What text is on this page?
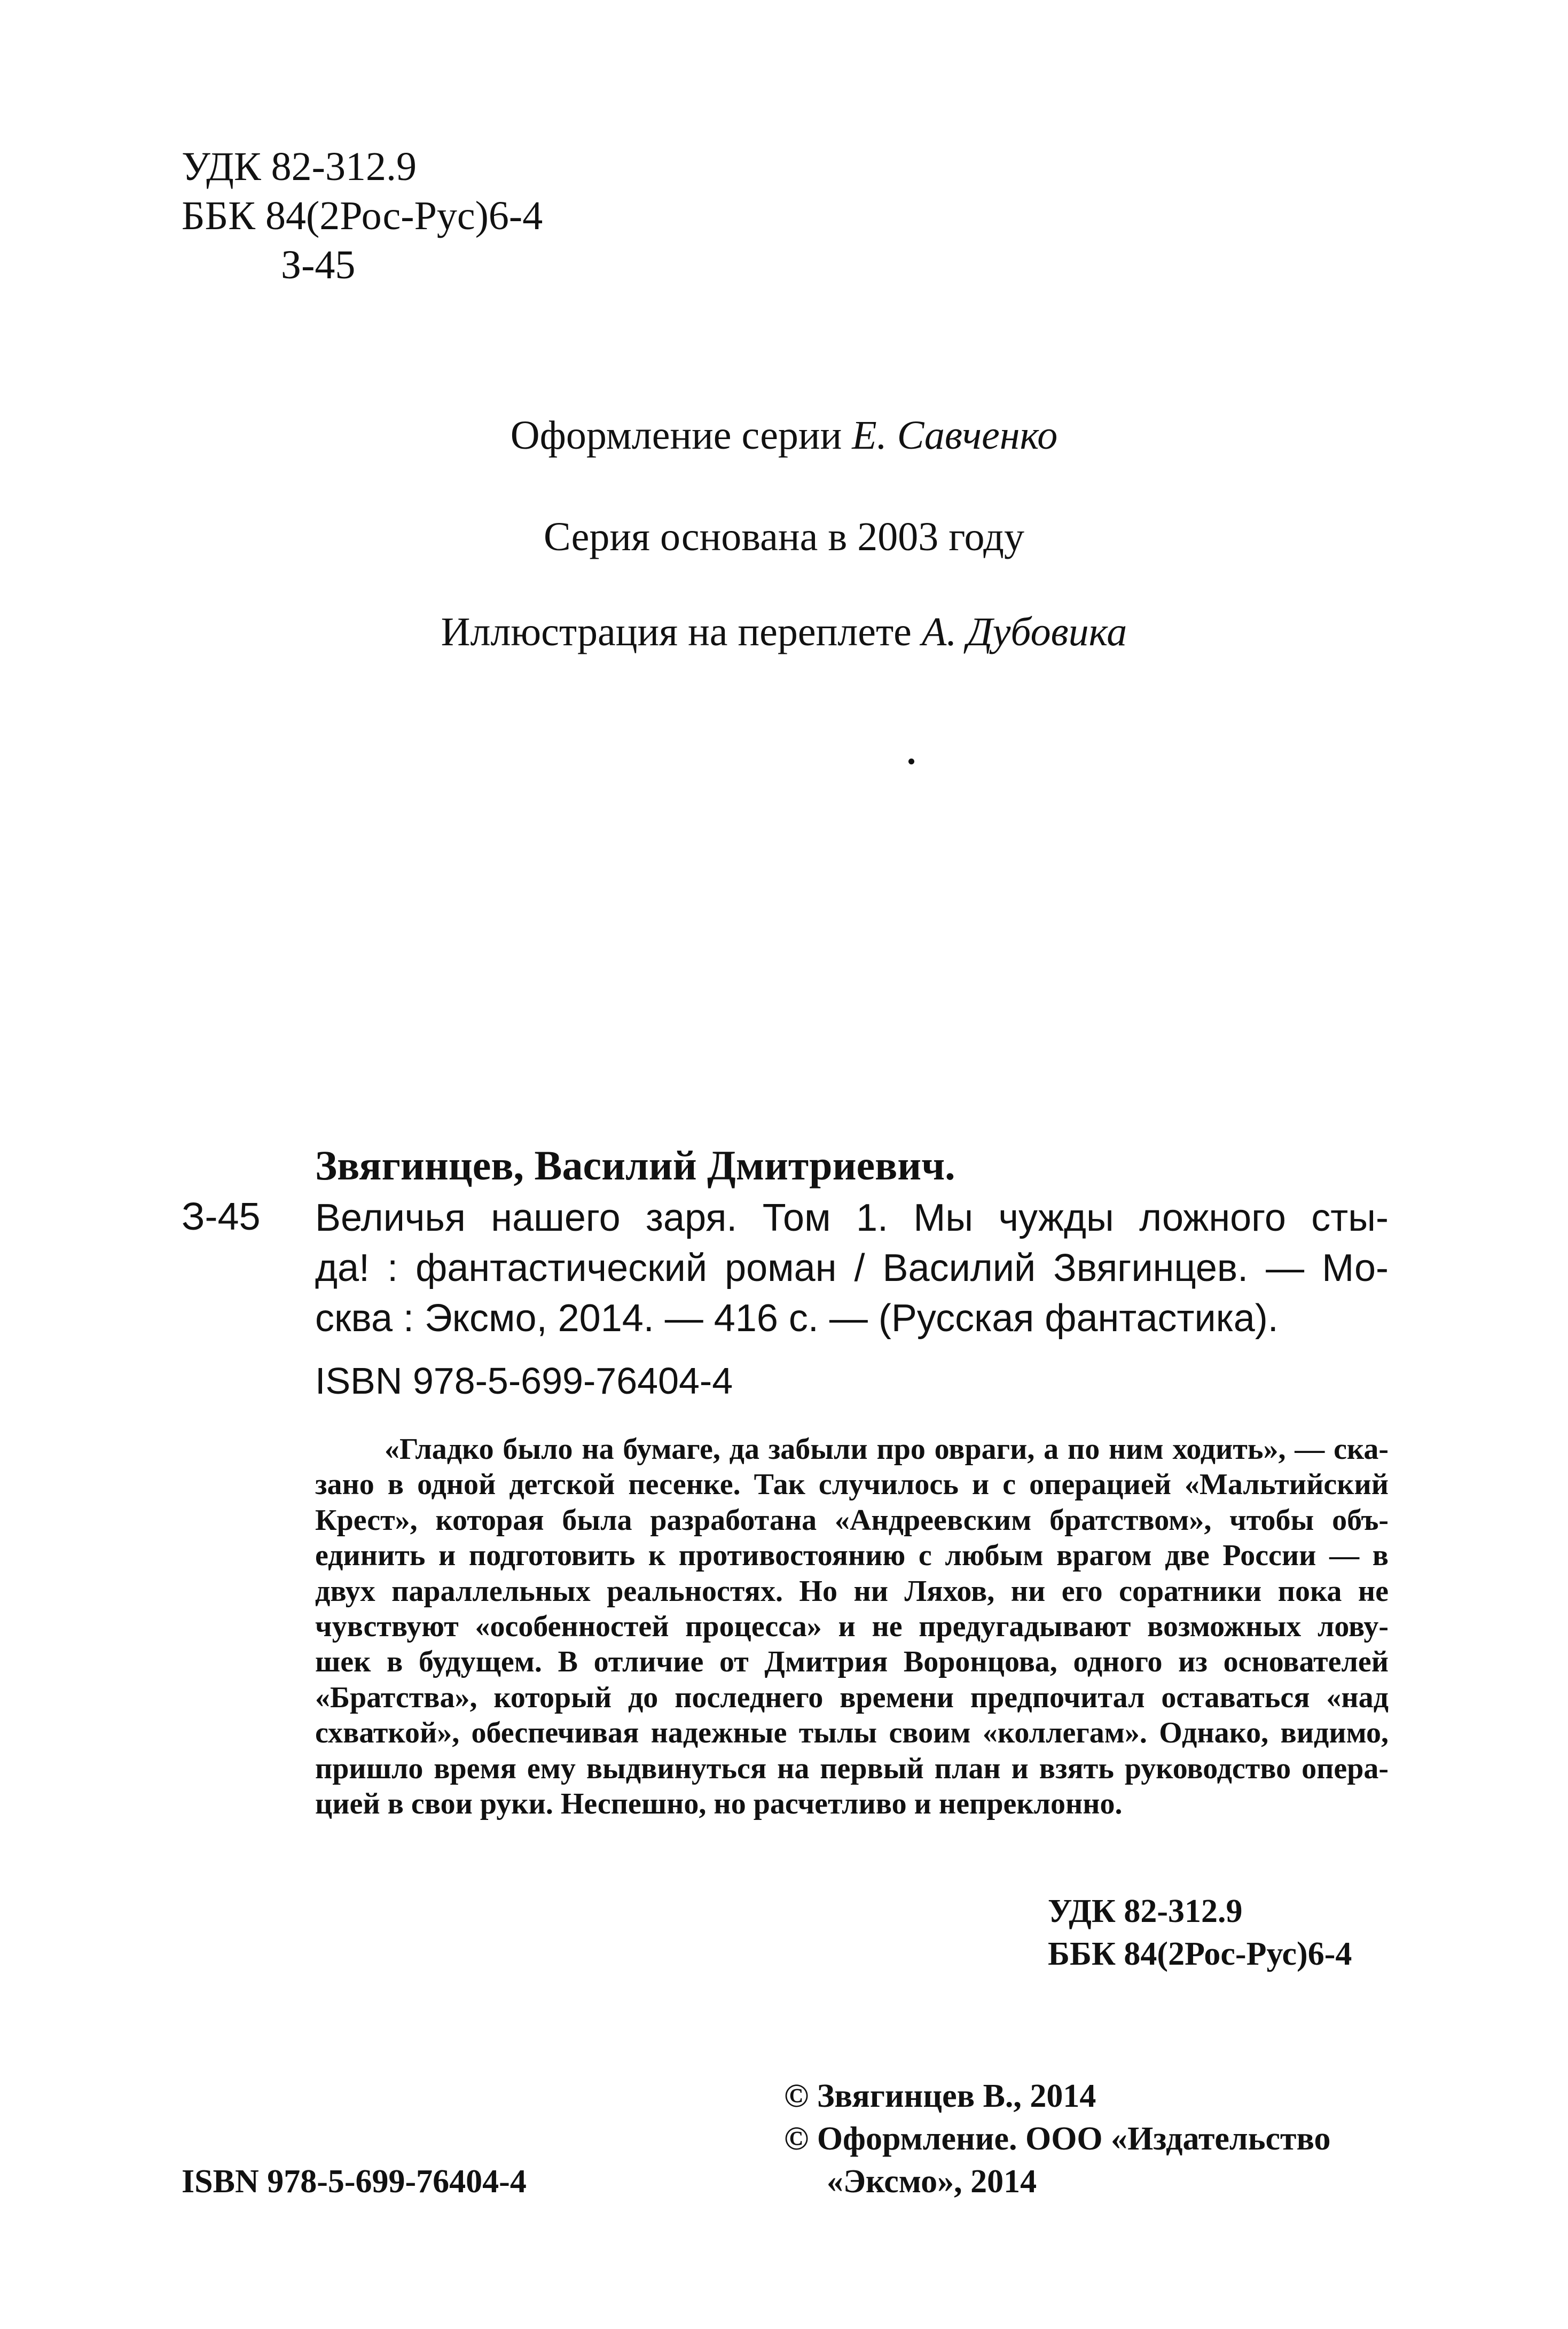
УДК 82-312.9
ББК 84(2Рос-Рус)6-4
З-45
Оформление серии Е. Савченко
Серия основана в 2003 году
Иллюстрация на переплете А. Дубовика
Звягинцев, Василий Дмитриевич.
З-45 Величья нашего заря. Том 1. Мы чужды ложного сты-
да! : фантастический роман / Василий Звягинцев. — Мо-
сква : Эксмо, 2014. — 416 с. — (Русская фантастика).
ISBN 978-5-699-76404-4
«Гладко было на бумаге, да забыли про овраги, а по ним ходить», — ска-
зано в одной детской песенке. Так случилось и с операцией «Мальтийский
Крест», которая была разработана «Андреевским братством», чтобы объ-
единить и подготовить к противостоянию с любым врагом две России — в
двух параллельных реальностях. Но ни Ляхов, ни его соратники пока не
чувствуют «особенностей процесса» и не предугадывают возможных лову-
шек в будущем. В отличие от Дмитрия Воронцова, одного из основателей
«Братства», который до последнего времени предпочитал оставаться «над
схваткой», обеспечивая надежные тылы своим «коллегам». Однако, видимо,
пришло время ему выдвинуться на первый план и взять руководство опера-
цией в свои руки. Неспешно, но расчетливо и непреклонно.
УДК 82-312.9
ББК 84(2Рос-Рус)6-4
© Звягинцев В., 2014
© Оформление. ООО «Издательство
«Эксмо», 2014
ISBN 978-5-699-76404-4
